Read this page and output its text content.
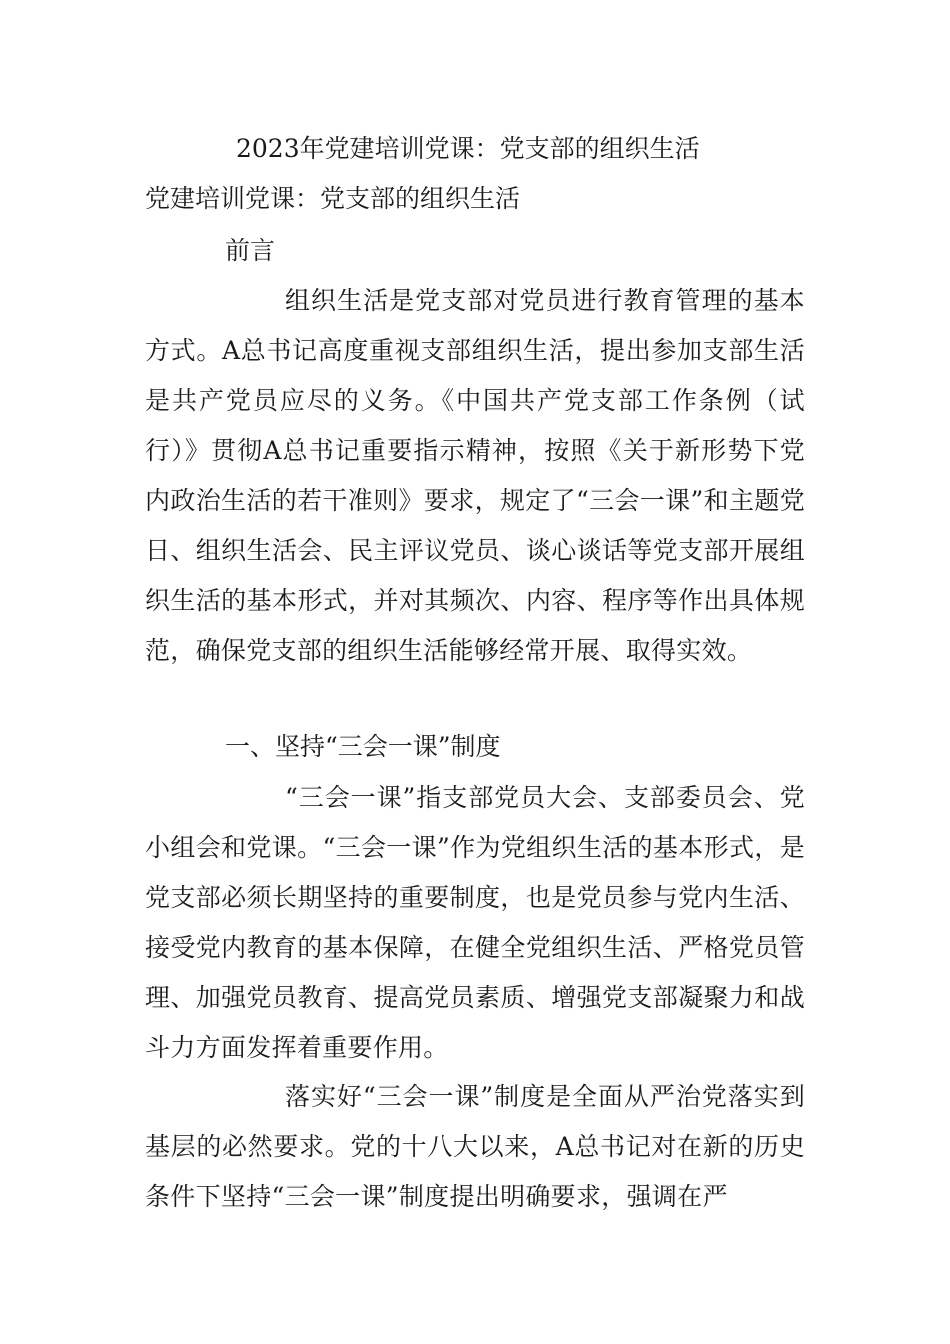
2023年党建培训党课：党支部的组织生活
党建培训党课：党支部的组织生活
前言
组织生活是党支部对党员进行教育管理的基本方式。A总书记高度重视支部组织生活，提出参加支部生活是共产党员应尽的义务。《中国共产党支部工作条例（试行）》贯彻A总书记重要指示精神，按照《关于新形势下党内政治生活的若干准则》要求，规定了“三会一课”和主题党日、组织生活会、民主评议党员、谈心谈话等党支部开展组织生活的基本形式，并对其频次、内容、程序等作出具体规范，确保党支部的组织生活能够经常开展、取得实效。
一、坚持“三会一课”制度
“三会一课”指支部党员大会、支部委员会、党小组会和党课。“三会一课”作为党组织生活的基本形式，是党支部必须长期坚持的重要制度，也是党员参与党内生活、接受党内教育的基本保障，在健全党组织生活、严格党员管理、加强党员教育、提高党员素质、增强党支部凝聚力和战斗力方面发挥着重要作用。
落实好“三会一课”制度是全面从严治党落实到基层的必然要求。党的十八大以来，A总书记对在新的历史条件下坚持“三会一课”制度提出明确要求，强调在严
